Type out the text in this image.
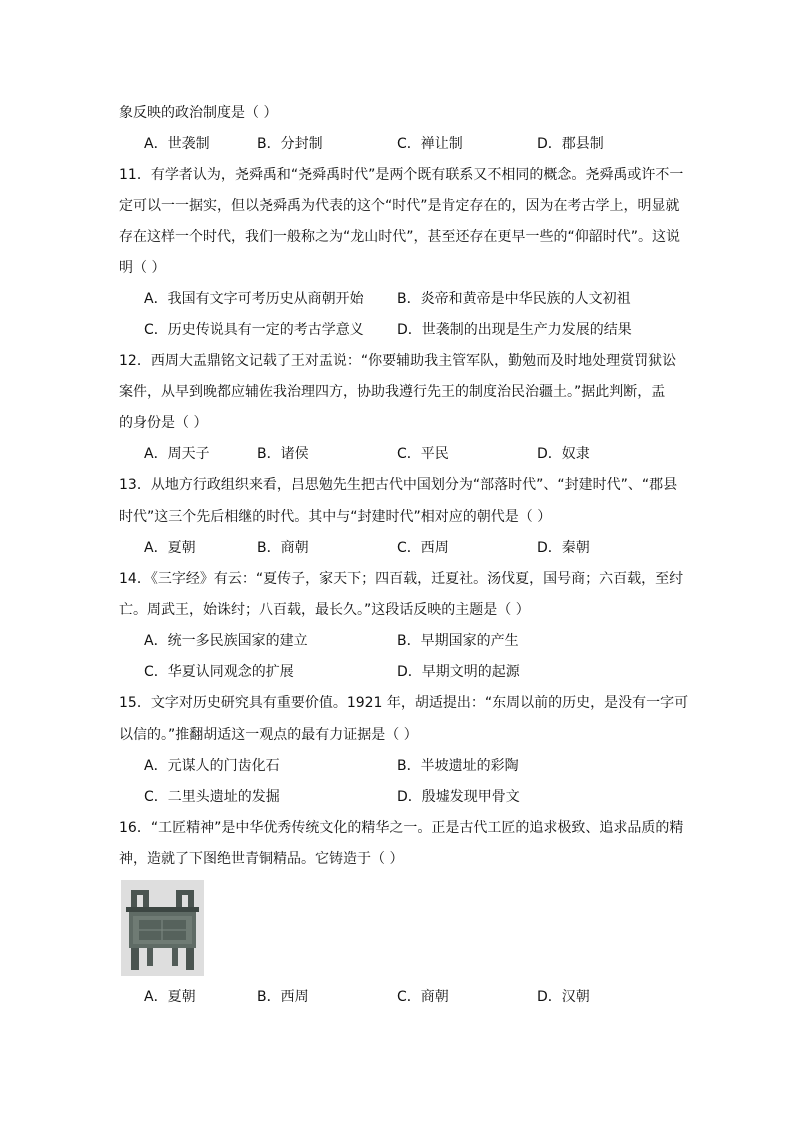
象反映的政治制度是（ ）
A．世袭制	B．分封制	C．禅让制	D．郡县制
11．有学者认为，尧舜禹和“尧舜禹时代”是两个既有联系又不相同的概念。尧舜禹或许不一
定可以一一据实，但以尧舜禹为代表的这个“时代”是肯定存在的，因为在考古学上，明显就
存在这样一个时代，我们一般称之为“龙山时代”，甚至还存在更早一些的“仰韶时代”。这说
明（ ）
A．我国有文字可考历史从商朝开始 B．炎帝和黄帝是中华民族的人文初祖
C．历史传说具有一定的考古学意义 D．世袭制的出现是生产力发展的结果
12．西周大盂鼎铭文记载了王对盂说：“你要辅助我主管军队，勤勉而及时地处理赏罚狱讼
案件，从早到晚都应辅佐我治理四方，协助我遵行先王的制度治民治疆土。”据此判断，盂
的身份是（ ）
A．周天子	B．诸侯	C．平民	D．奴隶
13．从地方行政组织来看，吕思勉先生把古代中国划分为“部落时代”、“封建时代”、“郡县
时代”这三个先后相继的时代。其中与“封建时代”相对应的朝代是（ ）
A．夏朝	B．商朝	C．西周	D．秦朝
14．《三字经》有云：“夏传子，家天下；四百载，迁夏社。汤伐夏，国号商；六百载，至纣
亡。周武王，始诛纣；八百载，最长久。”这段话反映的主题是（ ）
A．统一多民族国家的建立	B．早期国家的产生
C．华夏认同观念的扩展	D．早期文明的起源
15．文字对历史研究具有重要价值。1921 年，胡适提出：“东周以前的历史，是没有一字可
以信的。”推翻胡适这一观点的最有力证据是（ ）
A．元谋人的门齿化石	B．半坡遗址的彩陶
C．二里头遗址的发掘	D．殷墟发现甲骨文
16．“工匠精神”是中华优秀传统文化的精华之一。正是古代工匠的追求极致、追求品质的精
神，造就了下图绝世青铜精品。它铸造于（ ）
A．夏朝	B．西周	C．商朝	D．汉朝
